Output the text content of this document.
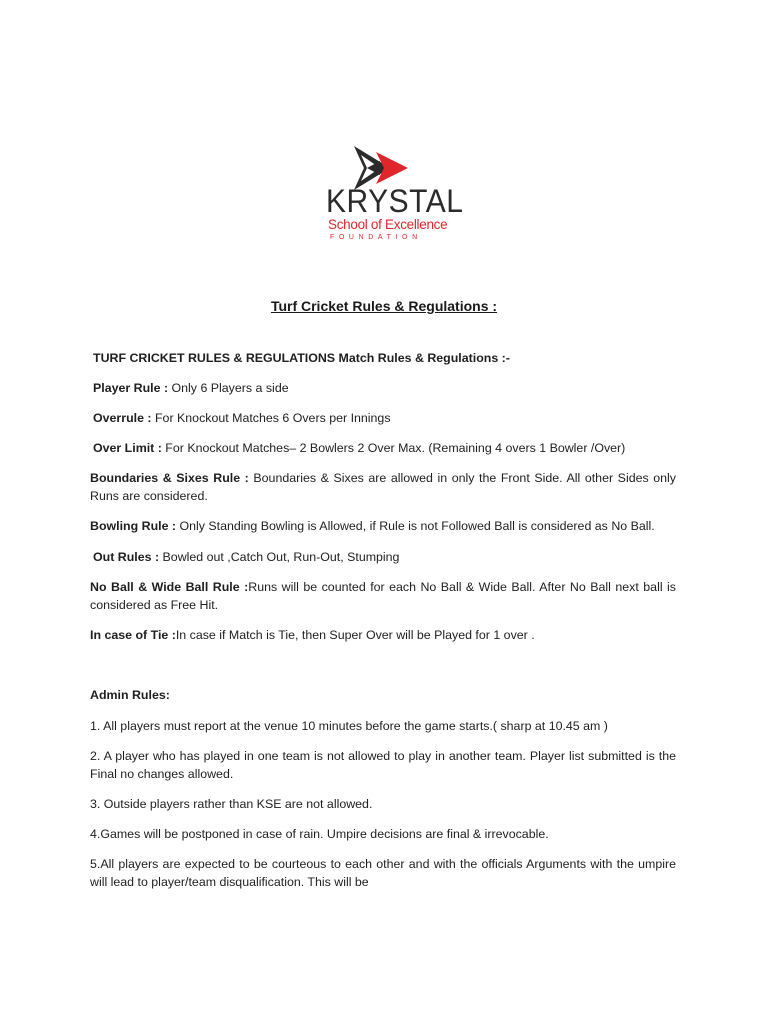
KRYSTAL
School of Excellence
FOUNDATION
Turf Cricket Rules & Regulations :
TURF CRICKET RULES & REGULATIONS Match Rules & Regulations :-
Player Rule : Only 6 Players a side
Overrule : For Knockout Matches 6 Overs per Innings
Over Limit : For Knockout Matches– 2 Bowlers 2 Over Max. (Remaining 4 overs 1 Bowler /Over)
Boundaries & Sixes Rule : Boundaries & Sixes are allowed in only the Front Side. All other Sides only Runs are considered.
Bowling Rule : Only Standing Bowling is Allowed, if Rule is not Followed Ball is considered as No Ball.
Out Rules : Bowled out ,Catch Out, Run-Out, Stumping
No Ball & Wide Ball Rule :Runs will be counted for each No Ball & Wide Ball. After No Ball next ball is considered as Free Hit.
In case of Tie :In case if Match is Tie, then Super Over will be Played for 1 over .
Admin Rules:
1. All players must report at the venue 10 minutes before the game starts.( sharp at 10.45 am )
2. A player who has played in one team is not allowed to play in another team. Player list submitted is the Final no changes allowed.
3. Outside players rather than KSE are not allowed.
4.Games will be postponed in case of rain. Umpire decisions are final & irrevocable.
5.All players are expected to be courteous to each other and with the officials Arguments with the umpire will lead to player/team disqualification. This will be
